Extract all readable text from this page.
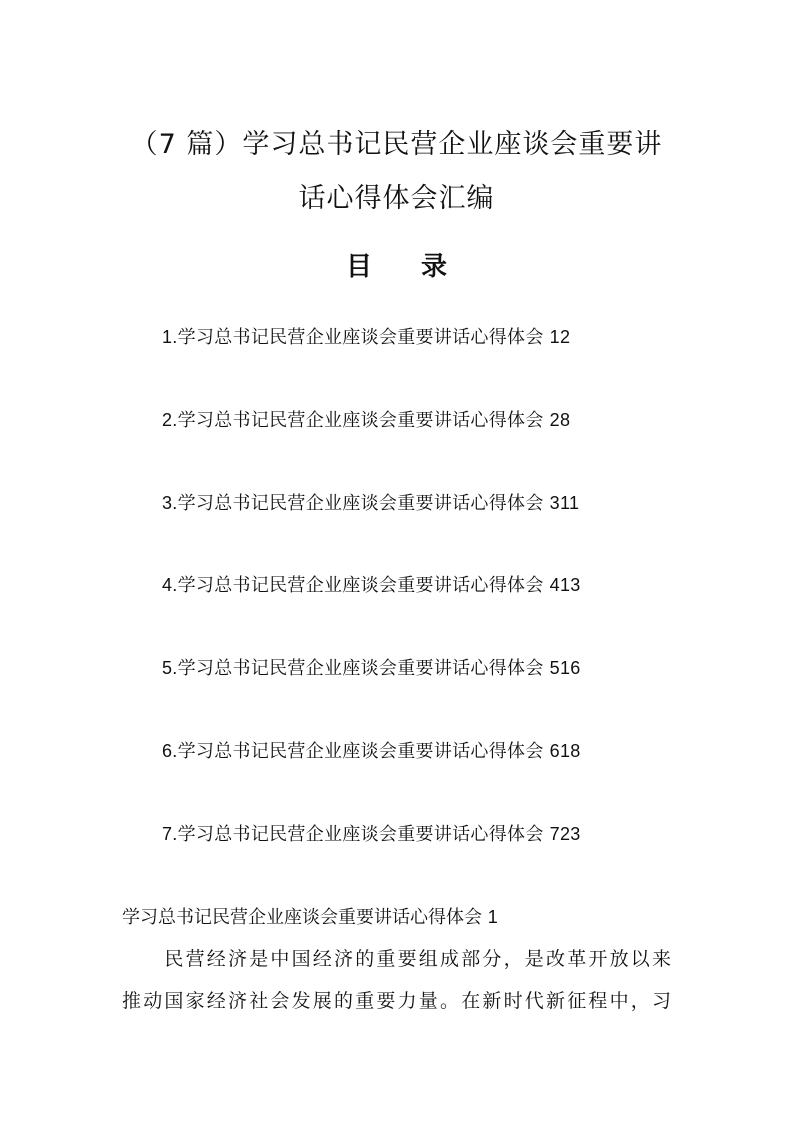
（7 篇）学习总书记民营企业座谈会重要讲
话心得体会汇编
目 录
1.学习总书记民营企业座谈会重要讲话心得体会 12
2.学习总书记民营企业座谈会重要讲话心得体会 28
3.学习总书记民营企业座谈会重要讲话心得体会 311
4.学习总书记民营企业座谈会重要讲话心得体会 413
5.学习总书记民营企业座谈会重要讲话心得体会 516
6.学习总书记民营企业座谈会重要讲话心得体会 618
7.学习总书记民营企业座谈会重要讲话心得体会 723
学习总书记民营企业座谈会重要讲话心得体会 1

　　民营经济是中国经济的重要组成部分，是改革开放以来

推动国家经济社会发展的重要力量。在新时代新征程中，习
